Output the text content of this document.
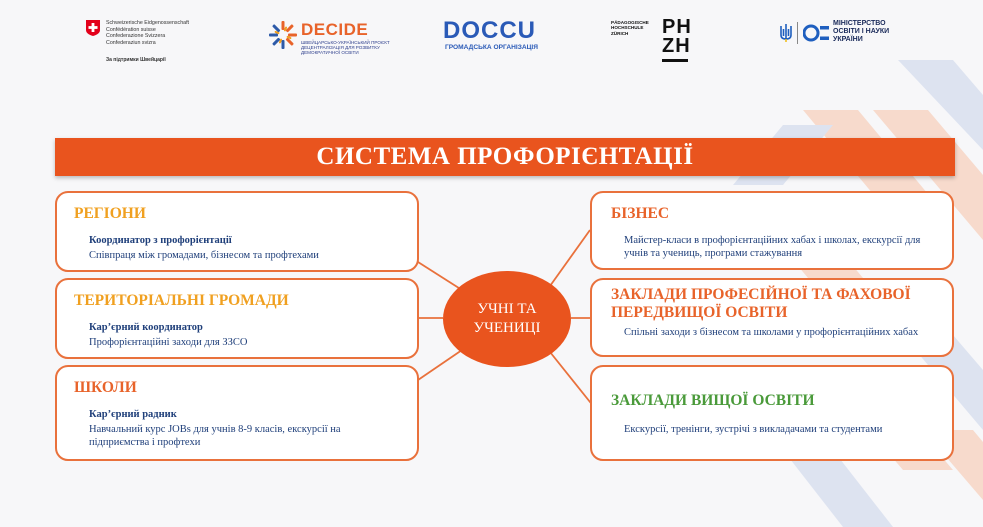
Schweizerische Eidgenossenschaft
Confédération suisse
Confederazione Svizzera
Confederaziun svizra
За підтримки Швейцарії
DECIDE
ШВЕЙЦАРСЬКО-УКРАЇНСЬКИЙ ПРОЄКТ ДЕЦЕНТРАЛІЗАЦІЯ ДЛЯ РОЗВИТКУ ДЕМОКРАТИЧНОЇ ОСВІТИ
DOCCU
ГРОМАДСЬКА ОРГАНІЗАЦІЯ
PÄDAGOGISCHE
HOCHSCHULE
ZÜRICH	PH
ZH
МІНІСТЕРСТВО
ОСВІТИ І НАУКИ
УКРАЇНИ
СИСТЕМА ПРОФОРІЄНТАЦІЇ
РЕГІОНИ
Координатор з профорієнтації
Співпраця між громадами, бізнесом та профтехами
ТЕРИТОРІАЛЬНІ ГРОМАДИ
Кар’єрний координатор
Профорієнтаційні заходи для ЗЗСО
ШКОЛИ
Кар’єрний радник
Навчальний курс JOBs для учнів 8-9 класів, екскурсії на підприємства і профтехи
УЧНІ ТА УЧЕНИЦІ
БІЗНЕС
Майстер-класи в профорієнтаційних хабах і школах, екскурсії для учнів та учениць, програми стажування
ЗАКЛАДИ ПРОФЕСІЙНОЇ ТА ФАХОВОЇ ПЕРЕДВИЩОЇ ОСВІТИ
Спільні заходи з бізнесом та школами у профорієнтаційних хабах
ЗАКЛАДИ ВИЩОЇ ОСВІТИ
Екскурсії, тренінги, зустрічі з викладачами та студентами
